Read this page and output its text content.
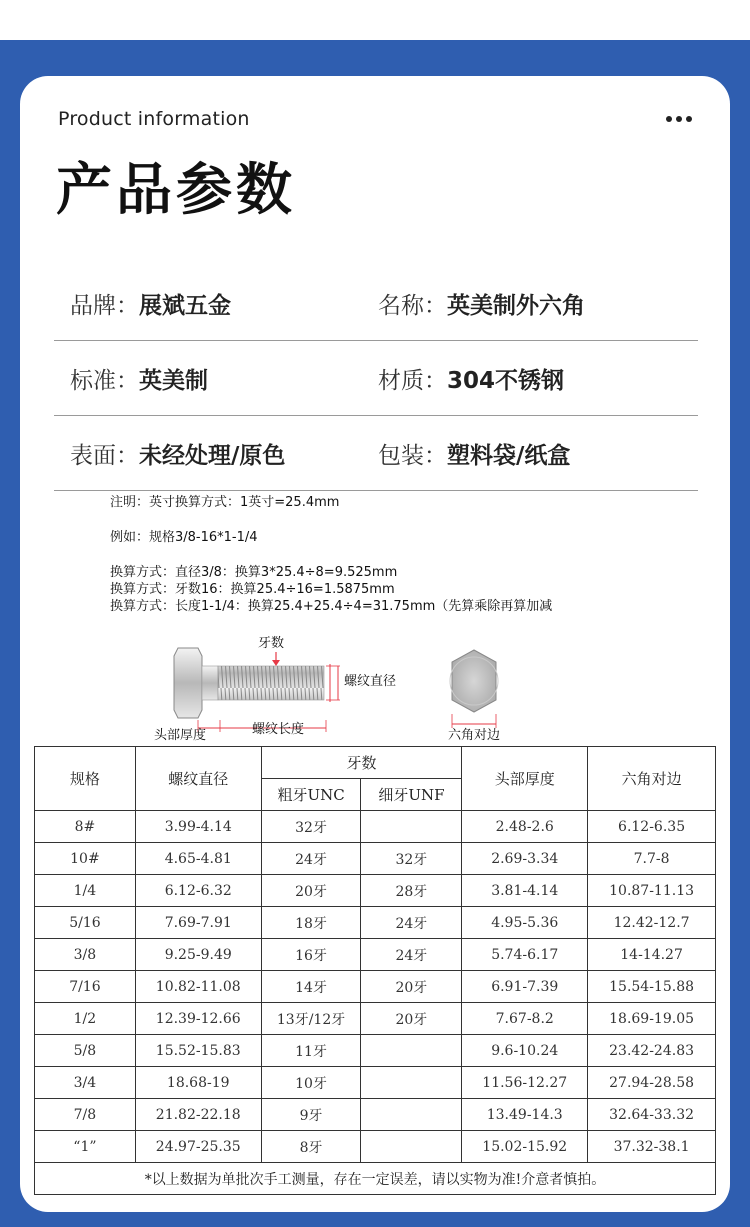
Product information
产品参数
品牌：展斌五金	名称：英美制外六角
标准：英美制	材质：304不锈钢
表面：未经处理/原色	包装：塑料袋/纸盒
注明：英寸换算方式：1英寸=25.4mm
例如：规格3/8-16*1-1/4
换算方式：直径3/8：换算3*25.4÷8=9.525mm
换算方式：牙数16：换算25.4÷16=1.5875mm
换算方式：长度1-1/4：换算25.4+25.4÷4=31.75mm（先算乘除再算加减
牙数
螺纹直径
头部厚度	螺纹长度	六角对边
规格	螺纹直径	牙数		头部厚度	六角对边
		粗牙UNC	细牙UNF		
8#	3.99-4.14	32牙		2.48-2.6	6.12-6.35
10#	4.65-4.81	24牙	32牙	2.69-3.34	7.7-8
1/4	6.12-6.32	20牙	28牙	3.81-4.14	10.87-11.13
5/16	7.69-7.91	18牙	24牙	4.95-5.36	12.42-12.7
3/8	9.25-9.49	16牙	24牙	5.74-6.17	14-14.27
7/16	10.82-11.08	14牙	20牙	6.91-7.39	15.54-15.88
1/2	12.39-12.66	13牙/12牙	20牙	7.67-8.2	18.69-19.05
5/8	15.52-15.83	11牙		9.6-10.24	23.42-24.83
3/4	18.68-19	10牙		11.56-12.27	27.94-28.58
7/8	21.82-22.18	9牙		13.49-14.3	32.64-33.32
“1”	24.97-25.35	8牙		15.02-15.92	37.32-38.1
*以上数据为单批次手工测量，存在一定误差，请以实物为准!介意者慎拍。					
